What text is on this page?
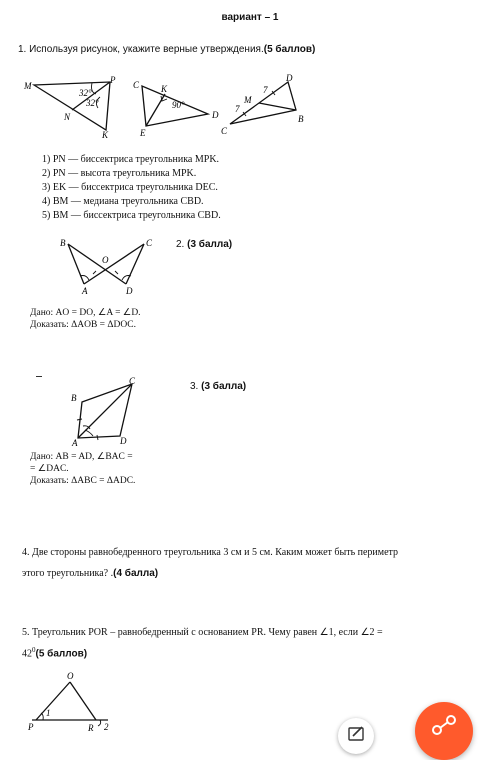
вариант – 1
1. Используя рисунок, укажите верные утверждения.(5 баллов)
M
P
N
K
32°
32°
C K
E
D
90°
D
M
C
B
7
7
1) PN — биссектриса треугольника MPK.
2) PN — высота треугольника MPK.
3) EK — биссектриса треугольника DEC.
4) BM — медиана треугольника CBD.
5) BM — биссектриса треугольника CBD.
B	C
O
A	D
2. (3 балла)
Дано: AO = DO, ∠A = ∠D.
Доказать: ΔAOB = ΔDOC.
B
C
A	D
3. (3 балла)
Дано: AB = AD, ∠BAC =
= ∠DAC.
Доказать: ΔABC = ΔADC.
4. Две стороны равнобедренного треугольника 3 см и 5 см. Каким может быть периметр
этого треугольника? .(4 балла)
5. Треугольник POR – равнобедренный с основанием PR. Чему равен ∠1, если ∠2 =
$42^0(5$ баллов)
O
1
P	R 2
